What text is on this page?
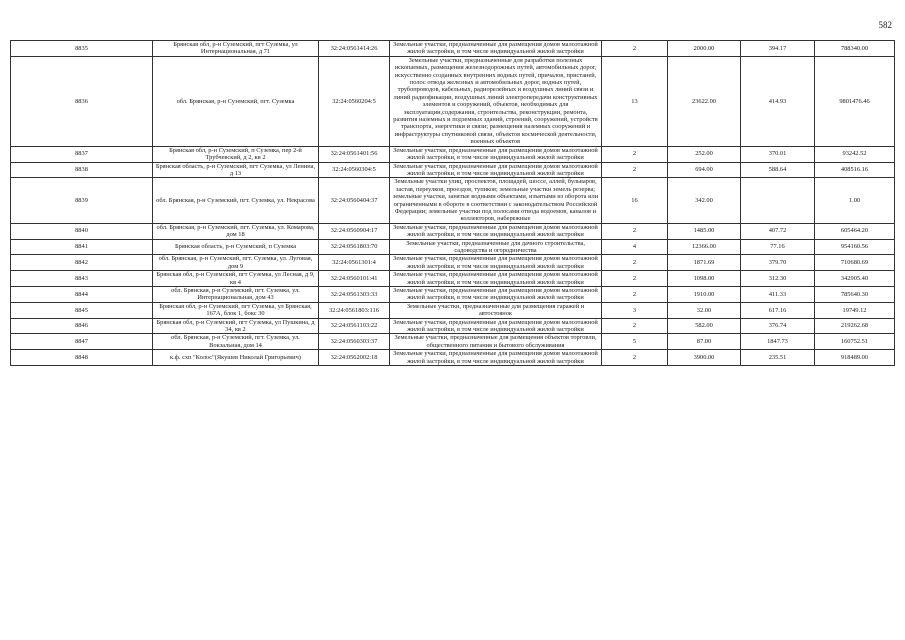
582
8835	Брянская обл, р-н Суземский, пгт Суземка, ул Интернациональная, д 71	32:24:0561414:26	Земельные участки, предназначенные для размещения домов малоэтажной жилой застройки, в том числе индивидуальной жилой застройки	2	2000.00	394.17	788340.00
8836	обл. Брянская, р-н Суземский, пгт. Суземка	32:24:0560204:5	Земельные участки, предназначенные для разработки полезных ископаемых, размещения железнодорожных путей, автомобильных дорог, искусственно созданных внутренних водных путей, причалов, пристаней, полос отвода железных и автомобильных дорог, водных путей, трубопроводов, кабельных, радиорелейных и воздушных линий связи и линий радиофикации, воздушных линий электропередачи конструктивных элементов и сооружений, объектов, необходимых для эксплуатации,содержания, строительства, реконструкции, ремонта, развития наземных и подземных зданий, строений, сооружений, устройств транспорта, энергетики и связи; размещения наземных сооружений и инфраструктуры спутниковой связи, объектов космической деятельности, военных объектов	13	23622.00	414.93	9801476.46
8837	Брянская обл, р-н Суземский, п Суземка, пер 2-й Трубчевский, д 2, кв 2	32:24:0561401:56	Земельные участки, предназначенные для размещения домов малоэтажной жилой застройки, в том числе индивидуальной жилой застройки	2	252.00	370.01	93242.52
8838	Брянская область, р-н Суземский, пгт Суземка, ул Ленина, д 13	32:24:0560304:5	Земельные участки, предназначенные для размещения домов малоэтажной жилой застройки, в том числе индивидуальной жилой застройки	2	694.00	588.64	408516.16
8839	обл. Брянская, р-н Суземский, пгт. Суземка, ул. Некрасова	32:24:0560404:37	Земельные участки улиц, проспектов, площадей, шоссе, аллей, бульваров, застав, переулков, проездов, тупиков; земельные участки земель резерва; земельные участки, занятые водными объектами, изъятыми из оборота или ограниченными в обороте в соответствии с законодательством Российской Федерации; земельные участки под полосами отвода водоемов, каналов и коллекторов, набережные	16	342.00		1.00
8840	обл. Брянская, р-н Суземский, пгт. Суземка, ул. Комарова, дом 18	32:24:0560904:17	Земельные участки, предназначенные для размещения домов малоэтажной жилой застройки, в том числе индивидуальной жилой застройки	2	1485.00	407.72	605464.20
8841	Брянская область, р-н Суземский, п Суземка	32:24:0561803:70	Земельные участки, предназначенные для дачного строительства, садоводства и огородничества	4	12366.00	77.16	954160.56
8842	обл. Брянская, р-н Суземский, пгт. Суземка, ул. Луговая, дом 9	32:24:0561301:4	Земельные участки, предназначенные для размещения домов малоэтажной жилой застройки, в том числе индивидуальной жилой застройки	2	1871.69	379.70	710680.69
8843	Брянская обл, р-н Суземский, пгт Суземка, ул Лесная, д 9, кв 4	32:24:0560101:41	Земельные участки, предназначенные для размещения домов малоэтажной жилой застройки, в том числе индивидуальной жилой застройки	2	1098.00	312.30	342905.40
8844	обл. Брянская, р-н Суземский, пгт. Суземка, ул. Интернациональная, дом 43	32:24:0561303:33	Земельные участки, предназначенные для размещения домов малоэтажной жилой застройки, в том числе индивидуальной жилой застройки	2	1910.00	411.33	785640.30
8845	Брянская обл, р-н Суземский, пгт Суземка, ул Брянская, 167А, блок 1, бокс 30	32:24:0561803:116	Земельные участки, предназначенные для размещения гаражей и автостоянок	3	32.00	617.16	19749.12
8846	Брянская обл, р-н Суземский, пгт Суземка, ул Пушкина, д 34, кв 2	32:24:0561103:22	Земельные участки, предназначенные для размещения домов малоэтажной жилой застройки, в том числе индивидуальной жилой застройки	2	582.00	376.74	219262.68
8847	обл. Брянская, р-н Суземский, пгт. Суземка, ул. Вокзальная, дом 14	32:24:0560303:37	Земельные участки, предназначенные для размещения объектов торговли, общественного питания и бытового обслуживания	5	87.00	1847.73	160752.51
8848	к.ф. схп "Колос"(Якушев Николай Григорьевич)	32:24:0562002:18	Земельные участки, предназначенные для размещения домов малоэтажной жилой застройки, в том числе индивидуальной жилой застройки	2	3900.00	235.51	918489.00
